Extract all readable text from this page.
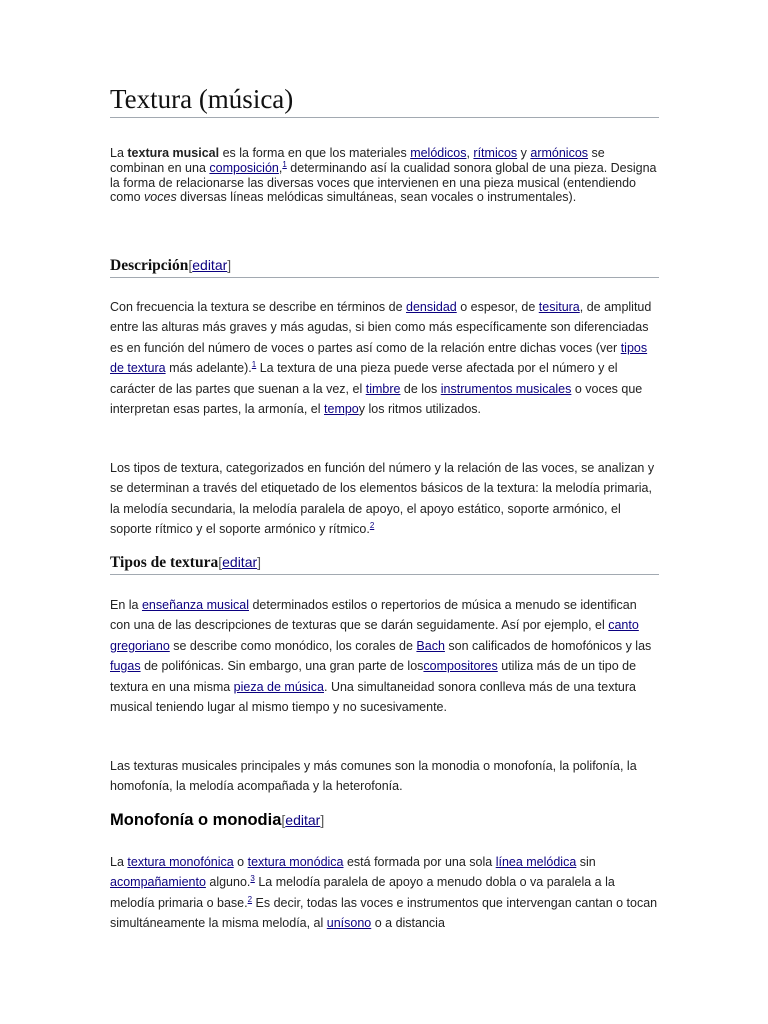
Textura (música)

La textura musical es la forma en que los materiales melódicos, rítmicos y armónicos se combinan en una composición,$^1$ determinando así la cualidad sonora global de una pieza. Designa la forma de relacionarse las diversas voces que intervienen en una pieza musical (entendiendo como voces diversas líneas melódicas simultáneas, sean vocales o instrumentales).

Descripción[editar]

Con frecuencia la textura se describe en términos de densidad o espesor, de tesitura, de amplitud entre las alturas más graves y más agudas, si bien como más específicamente son diferenciadas es en función del número de voces o partes así como de la relación entre dichas voces (ver tipos de textura más adelante).$^1$ La textura de una pieza puede verse afectada por el número y el carácter de las partes que suenan a la vez, el timbre de los instrumentos musicales o voces que interpretan esas partes, la armonía, el tempoy los ritmos utilizados.

Los tipos de textura, categorizados en función del número y la relación de las voces, se analizan y se determinan a través del etiquetado de los elementos básicos de la textura: la melodía primaria, la melodía secundaria, la melodía paralela de apoyo, el apoyo estático, soporte armónico, el soporte rítmico y el soporte armónico y rítmico.$^2$

Tipos de textura[editar]

En la enseñanza musical determinados estilos o repertorios de música a menudo se identifican con una de las descripciones de texturas que se darán seguidamente. Así por ejemplo, el canto gregoriano se describe como monódico, los corales de Bach son calificados de homofónicos y las fugas de polifónicas. Sin embargo, una gran parte de loscompositores utiliza más de un tipo de textura en una misma pieza de música. Una simultaneidad sonora conlleva más de una textura musical teniendo lugar al mismo tiempo y no sucesivamente.

Las texturas musicales principales y más comunes son la monodia o monofonía, la polifonía, la homofonía, la melodía acompañada y la heterofonía.

Monofonía o monodia[editar]

La textura monofónica o textura monódica está formada por una sola línea melódica sin acompañamiento alguno.$^3$ La melodía paralela de apoyo a menudo dobla o va paralela a la melodía primaria o base.$^2$ Es decir, todas las voces e instrumentos que intervengan cantan o tocan simultáneamente la misma melodía, al unísono o a distancia
